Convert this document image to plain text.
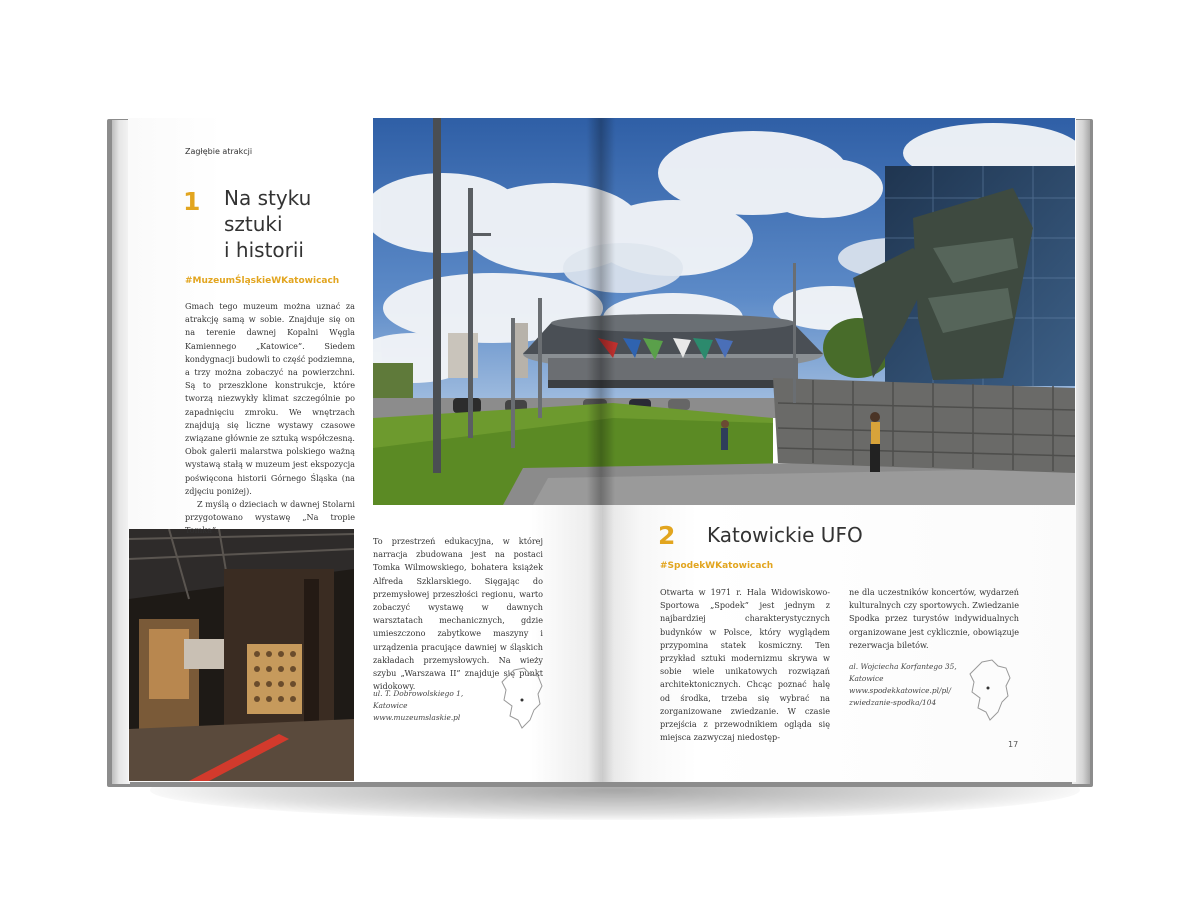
Zagłębie atrakcji
1 Na styku
sztuki
i historii
#MuzeumŚląskieWKatowicach

Gmach tego muzeum można uznać za atrakcję samą w sobie. Znajduje się on na terenie dawnej Kopalni Węgla Kamiennego „Katowice”. Siedem kondygnacji budowli to część podziemna, a trzy można zobaczyć na powierzchni. Są to przeszklone konstrukcje, które tworzą niezwykły klimat szczególnie po zapadnięciu zmroku. We wnętrzach znajdują się liczne wystawy czasowe związane głównie ze sztuką współczesną. Obok galerii malarstwa polskiego ważną wystawą stałą w muzeum jest ekspozycja poświęcona historii Górnego Śląska (na zdjęciu poniżej).

Z myślą o dzieciach w dawnej Stolarni przygotowano wystawę „Na tropie Tomka”.

To przestrzeń edukacyjna, w której narracja zbudowana jest na postaci Tomka Wilmowskiego, bohatera książek Alfreda Szklarskiego. Sięgając do przemysłowej przeszłości regionu, warto zobaczyć wystawę w dawnych warsztatach mechanicznych, gdzie umieszczono zabytkowe maszyny i urządzenia pracujące dawniej w śląskich zakładach przemysłowych. Na wieży szybu „Warszawa II” znajduje się punkt widokowy.
ul. T. Dobrowolskiego 1,
Katowice
www.muzeumslaskie.pl
2 Katowickie UFO
#SpodekWKatowicach
Otwarta w 1971 r. Hala Widowiskowo-Sportowa „Spodek” jest jednym z najbardziej charakterystycznych budynków w Polsce, który wyglądem przypomina statek kosmiczny. Ten przykład sztuki modernizmu skrywa w sobie wiele unikatowych rozwiązań architektonicznych. Chcąc poznać halę od środka, trzeba się wybrać na zorganizowane zwiedzanie. W czasie przejścia z przewodnikiem ogląda się miejsca zazwyczaj niedostęp-
ne dla uczestników koncertów, wydarzeń kulturalnych czy sportowych. Zwiedzanie Spodka przez turystów indywidualnych organizowane jest cyklicznie, obowiązuje rezerwacja biletów.
al. Wojciecha Korfantego 35,
Katowice
www.spodekkatowice.pl/pl/
zwiedzanie-spodka/104
17
